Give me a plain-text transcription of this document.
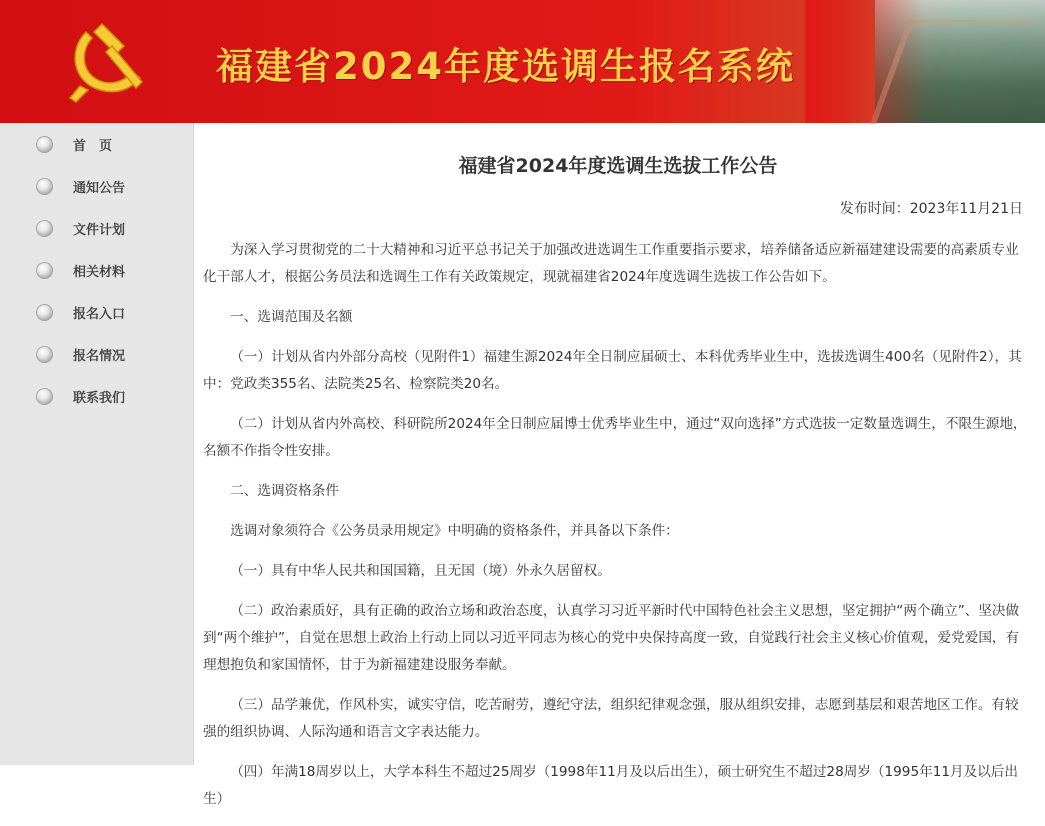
福建省2024年度选调生报名系统
首　页
通知公告
文件计划
相关材料
报名入口
报名情况
联系我们
福建省2024年度选调生选拔工作公告
发布时间：2023年11月21日

为深入学习贯彻党的二十大精神和习近平总书记关于加强改进选调生工作重要指示要求，培养储备适应新福建建设需要的高素质专业化干部人才，根据公务员法和选调生工作有关政策规定，现就福建省2024年度选调生选拔工作公告如下。

一、选调范围及名额

（一）计划从省内外部分高校（见附件1）福建生源2024年全日制应届硕士、本科优秀毕业生中，选拔选调生400名（见附件2），其中：党政类355名、法院类25名、检察院类20名。

（二）计划从省内外高校、科研院所2024年全日制应届博士优秀毕业生中，通过“双向选择”方式选拔一定数量选调生，不限生源地，名额不作指令性安排。

二、选调资格条件

选调对象须符合《公务员录用规定》中明确的资格条件，并具备以下条件：

（一）具有中华人民共和国国籍，且无国（境）外永久居留权。

（二）政治素质好，具有正确的政治立场和政治态度，认真学习习近平新时代中国特色社会主义思想，坚定拥护“两个确立”、坚决做到“两个维护”，自觉在思想上政治上行动上同以习近平同志为核心的党中央保持高度一致，自觉践行社会主义核心价值观，爱党爱国，有理想抱负和家国情怀，甘于为新福建建设服务奉献。

（三）品学兼优，作风朴实，诚实守信，吃苦耐劳，遵纪守法，组织纪律观念强，服从组织安排，志愿到基层和艰苦地区工作。有较强的组织协调、人际沟通和语言文字表达能力。

（四）年满18周岁以上，大学本科生不超过25周岁（1998年11月及以后出生），硕士研究生不超过28周岁（1995年11月及以后出生）
